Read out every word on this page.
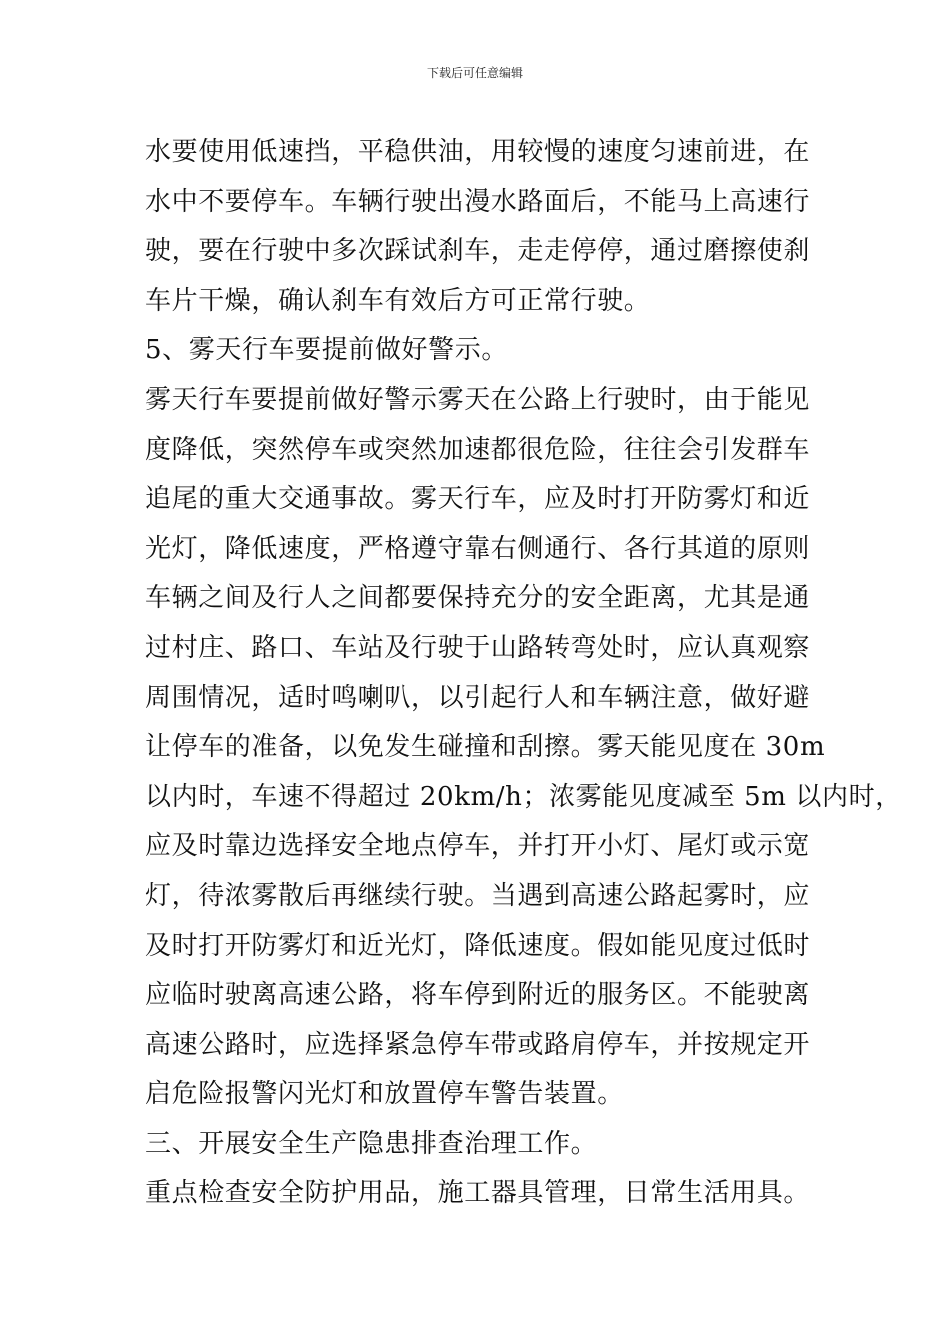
下载后可任意编辑
水要使用低速挡，平稳供油，用较慢的速度匀速前进，在
水中不要停车。车辆行驶出漫水路面后，不能马上高速行
驶，要在行驶中多次踩试刹车，走走停停，通过磨擦使刹
车片干燥，确认刹车有效后方可正常行驶。
5、雾天行车要提前做好警示。
雾天行车要提前做好警示雾天在公路上行驶时，由于能见
度降低，突然停车或突然加速都很危险，往往会引发群车
追尾的重大交通事故。雾天行车，应及时打开防雾灯和近
光灯，降低速度，严格遵守靠右侧通行、各行其道的原则
车辆之间及行人之间都要保持充分的安全距离，尤其是通
过村庄、路口、车站及行驶于山路转弯处时，应认真观察
周围情况，适时鸣喇叭，以引起行人和车辆注意，做好避
让停车的准备，以免发生碰撞和刮擦。雾天能见度在 30m
以内时，车速不得超过 20km/h；浓雾能见度减至 5m 以内时，
应及时靠边选择安全地点停车，并打开小灯、尾灯或示宽
灯，待浓雾散后再继续行驶。当遇到高速公路起雾时，应
及时打开防雾灯和近光灯，降低速度。假如能见度过低时
应临时驶离高速公路，将车停到附近的服务区。不能驶离
高速公路时，应选择紧急停车带或路肩停车，并按规定开
启危险报警闪光灯和放置停车警告装置。
三、开展安全生产隐患排查治理工作。
重点检查安全防护用品，施工器具管理，日常生活用具。
